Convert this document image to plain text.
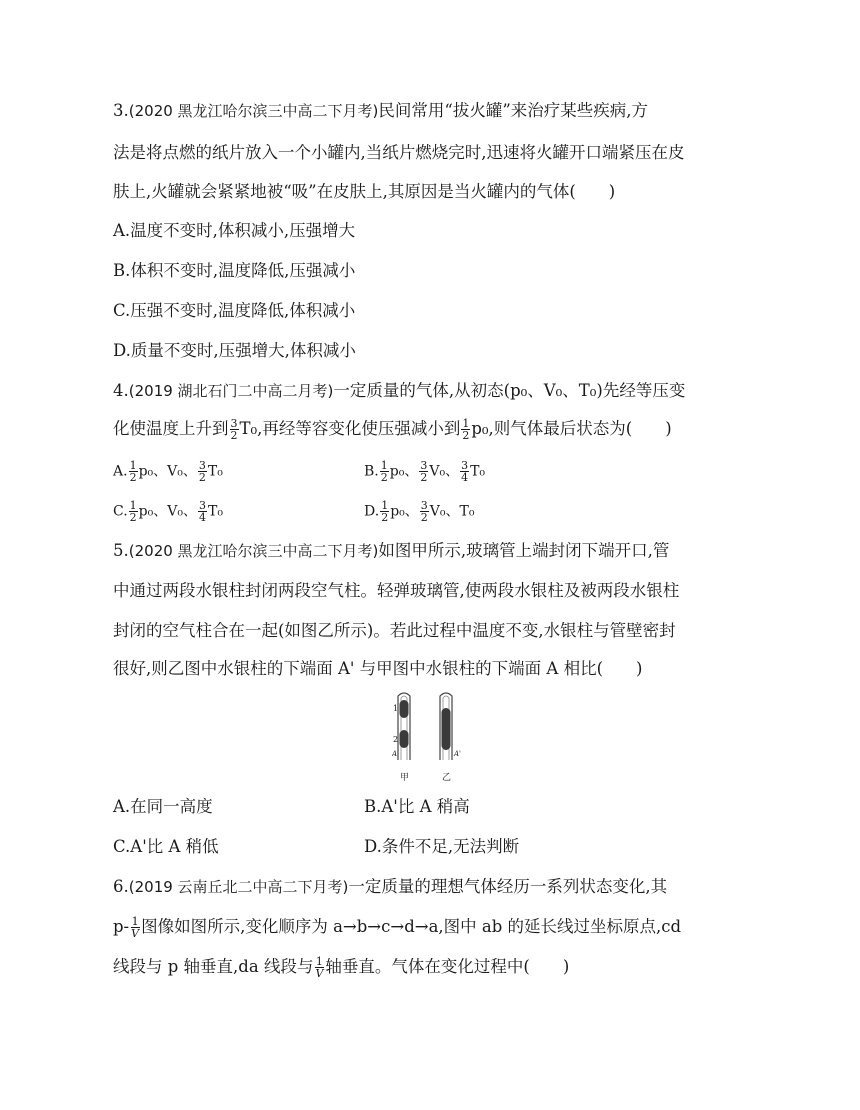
3.(2020 黑龙江哈尔滨三中高二下月考)民间常用“拔火罐”来治疗某些疾病,方
法是将点燃的纸片放入一个小罐内,当纸片燃烧完时,迅速将火罐开口端紧压在皮
肤上,火罐就会紧紧地被“吸”在皮肤上,其原因是当火罐内的气体(　　)
A.温度不变时,体积减小,压强增大
B.体积不变时,温度降低,压强减小
C.压强不变时,温度降低,体积减小
D.质量不变时,压强增大,体积减小
4.(2019 湖北石门二中高二月考)一定质量的气体,从初态(p₀、V₀、T₀)先经等压变
化使温度上升到 $\frac{3}{2} T_0$,再经等容变化使压强减小到 $\frac{1}{2} p_0$,则气体最后状态为(　　)
A. $\frac{1}{2} p_0$、V₀、 $\frac{3}{2} T_0$	B. $\frac{1}{2} p_0$、 $\frac{3}{2} V_0$、 $\frac{3}{4} T_0$
C. $\frac{1}{2} p_0$、V₀、 $\frac{3}{4} T_0$	D. $\frac{1}{2} p_0$、 $\frac{3}{2} V_0$、T₀
5.(2020 黑龙江哈尔滨三中高二下月考)如图甲所示,玻璃管上端封闭下端开口,管
中通过两段水银柱封闭两段空气柱。轻弹玻璃管,使两段水银柱及被两段水银柱
封闭的空气柱合在一起(如图乙所示)。若此过程中温度不变,水银柱与管壁密封
很好,则乙图中水银柱的下端面 A' 与甲图中水银柱的下端面 A 相比(　　)
1
2
A
甲
A'
乙
A.在同一高度	B.A'比 A 稍高
C.A'比 A 稍低	D.条件不足,无法判断
6.(2019 云南丘北二中高二下月考)一定质量的理想气体经历一系列状态变化,其
$p- \frac{1}{V}$ 图像如图所示,变化顺序为 a→b→c→d→a,图中 ab 的延长线过坐标原点,cd
线段与 p 轴垂直,da 线段与 $\frac{1}{V}$ 轴垂直。气体在变化过程中(　　)
